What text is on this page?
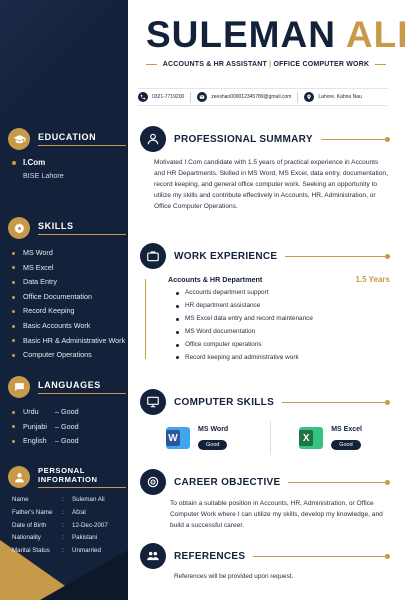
EDUCATION
I.Com
BISE Lahore
SKILLS
MS Word
MS Excel
Data Entry
Office Documentation
Record Keeping
Basic Accounts Work
Basic HR & Administrative Work
Computer Operations
LANGUAGES
Urdu	– Good
Punjabi	– Good
English	– Good
PERSONAL INFORMATION
Name	:	Suleman Ali
Father's Name	:	Afzal
Date of Birth	:	12-Dec-2007
Nationality	:	Pakistani
Marital Status	:	Unmarried
SULEMAN ALI
ACCOUNTS & HR ASSISTANT | OFFICE COMPUTER WORK
0321-7719200	zeeshan000012345789@gmail.com	Lahore, Kahna Nau
PROFESSIONAL SUMMARY
Motivated I.Com candidate with 1.5 years of practical experience in Accounts and HR Departments. Skilled in MS Word, MS Excel, data entry, documentation, record keeping, and general office computer work. Seeking an opportunity to utilize my skills and contribute effectively in Accounts, HR, Administration, or Office Computer Operations.
WORK EXPERIENCE
Accounts & HR Department	1.5 Years
Accounts department support
HR department assistance
MS Excel data entry and record maintenance
MS Word documentation
Office computer operations
Record keeping and administrative work
COMPUTER SKILLS
W
MS Word
Good
X
MS Excel
Good
CAREER OBJECTIVE
To obtain a suitable position in Accounts, HR, Administration, or Office Computer Work where I can utilize my skills, develop my knowledge, and build a successful career.
REFERENCES
References will be provided upon request.
